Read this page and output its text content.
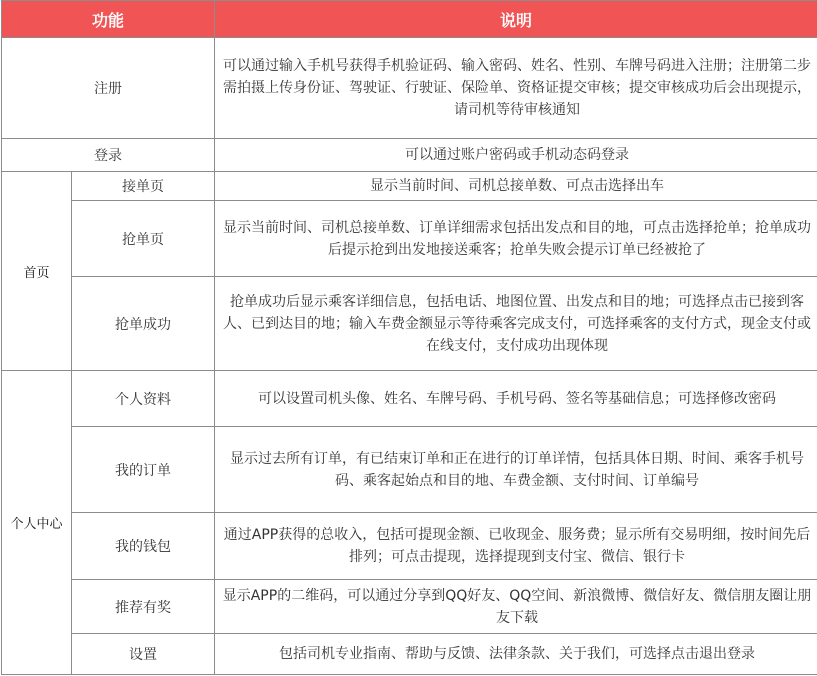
功能		说明
注册		可以通过输入手机号获得手机验证码、输入密码、姓名、性别、车牌号码进入注册；注册第二步需拍摄上传身份证、驾驶证、行驶证、保险单、资格证提交审核；提交审核成功后会出现提示，请司机等待审核通知
登录		可以通过账户密码或手机动态码登录
首页	接单页	显示当前时间、司机总接单数、可点击选择出车
	抢单页	显示当前时间、司机总接单数、订单详细需求包括出发点和目的地，可点击选择抢单；抢单成功后提示抢到出发地接送乘客；抢单失败会提示订单已经被抢了
	抢单成功	抢单成功后显示乘客详细信息，包括电话、地图位置、出发点和目的地；可选择点击已接到客人、已到达目的地；输入车费金额显示等待乘客完成支付，可选择乘客的支付方式，现金支付或在线支付，支付成功出现体现
个人中心	个人资料	可以设置司机头像、姓名、车牌号码、手机号码、签名等基础信息；可选择修改密码
	我的订单	显示过去所有订单，有已结束订单和正在进行的订单详情，包括具体日期、时间、乘客手机号码、乘客起始点和目的地、车费金额、支付时间、订单编号
	我的钱包	通过APP获得的总收入，包括可提现金额、已收现金、服务费；显示所有交易明细，按时间先后排列；可点击提现，选择提现到支付宝、微信、银行卡
	推荐有奖	显示APP的二维码，可以通过分享到QQ好友、QQ空间、新浪微博、微信好友、微信朋友圈让朋友下载
	设置	包括司机专业指南、帮助与反馈、法律条款、关于我们，可选择点击退出登录
